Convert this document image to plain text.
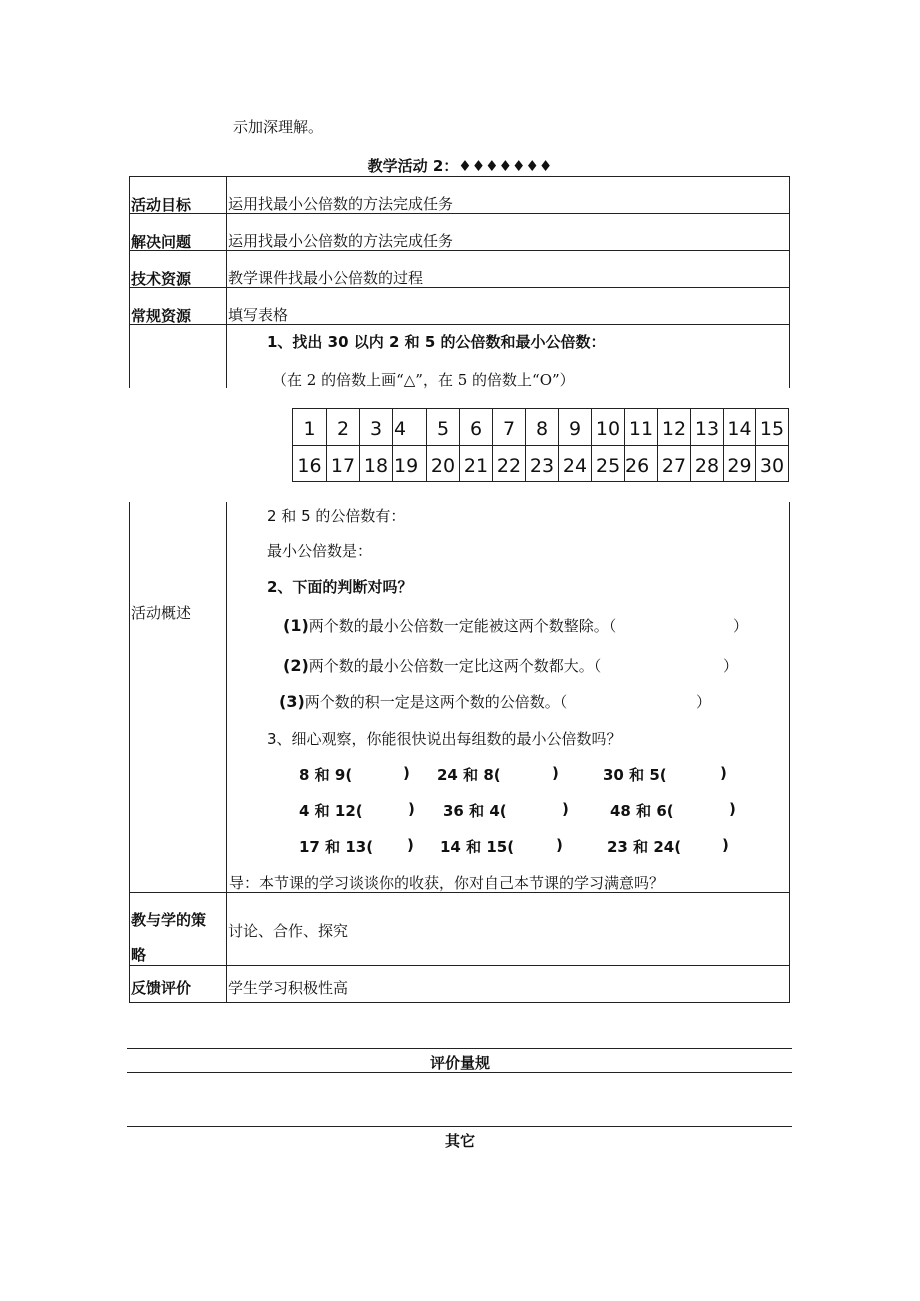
示加深理解。
教学活动 2：♦♦♦♦♦♦♦
活动目标 运用找最小公倍数的方法完成任务
解决问题 运用找最小公倍数的方法完成任务
技术资源 教学课件找最小公倍数的过程
常规资源 填写表格
1、找出 30 以内 2 和 5 的公倍数和最小公倍数：
（在 2 的倍数上画“△”，在 5 的倍数上“O”）
1	2	3 4	5	6	7	8	9 10 11 12 13 14 15
16 17 18 19 20 21 22 23 24 25 26 27 28 29 30
2 和 5 的公倍数有：
最小公倍数是：
活动概述
2、下面的判断对吗？
(1)两个数的最小公倍数一定能被这两个数整除。（	）
(2)两个数的最小公倍数一定比这两个数都大。（	）
(3)两个数的积一定是这两个数的公倍数。（	）
3、细心观察，你能很快说出每组数的最小公倍数吗？
8 和 9(	) 24 和 8(	)	30 和 5(	)
4 和 12(	) 36 和 4(	)	48 和 6(	)
17 和 13( ) 14 和 15(	)	23 和 24(	)
导：本节课的学习谈谈你的收获，你对自己本节课的学习满意吗？
教与学的策
略
讨论、合作、探究
反馈评价 学生学习积极性高
评价量规
其它
